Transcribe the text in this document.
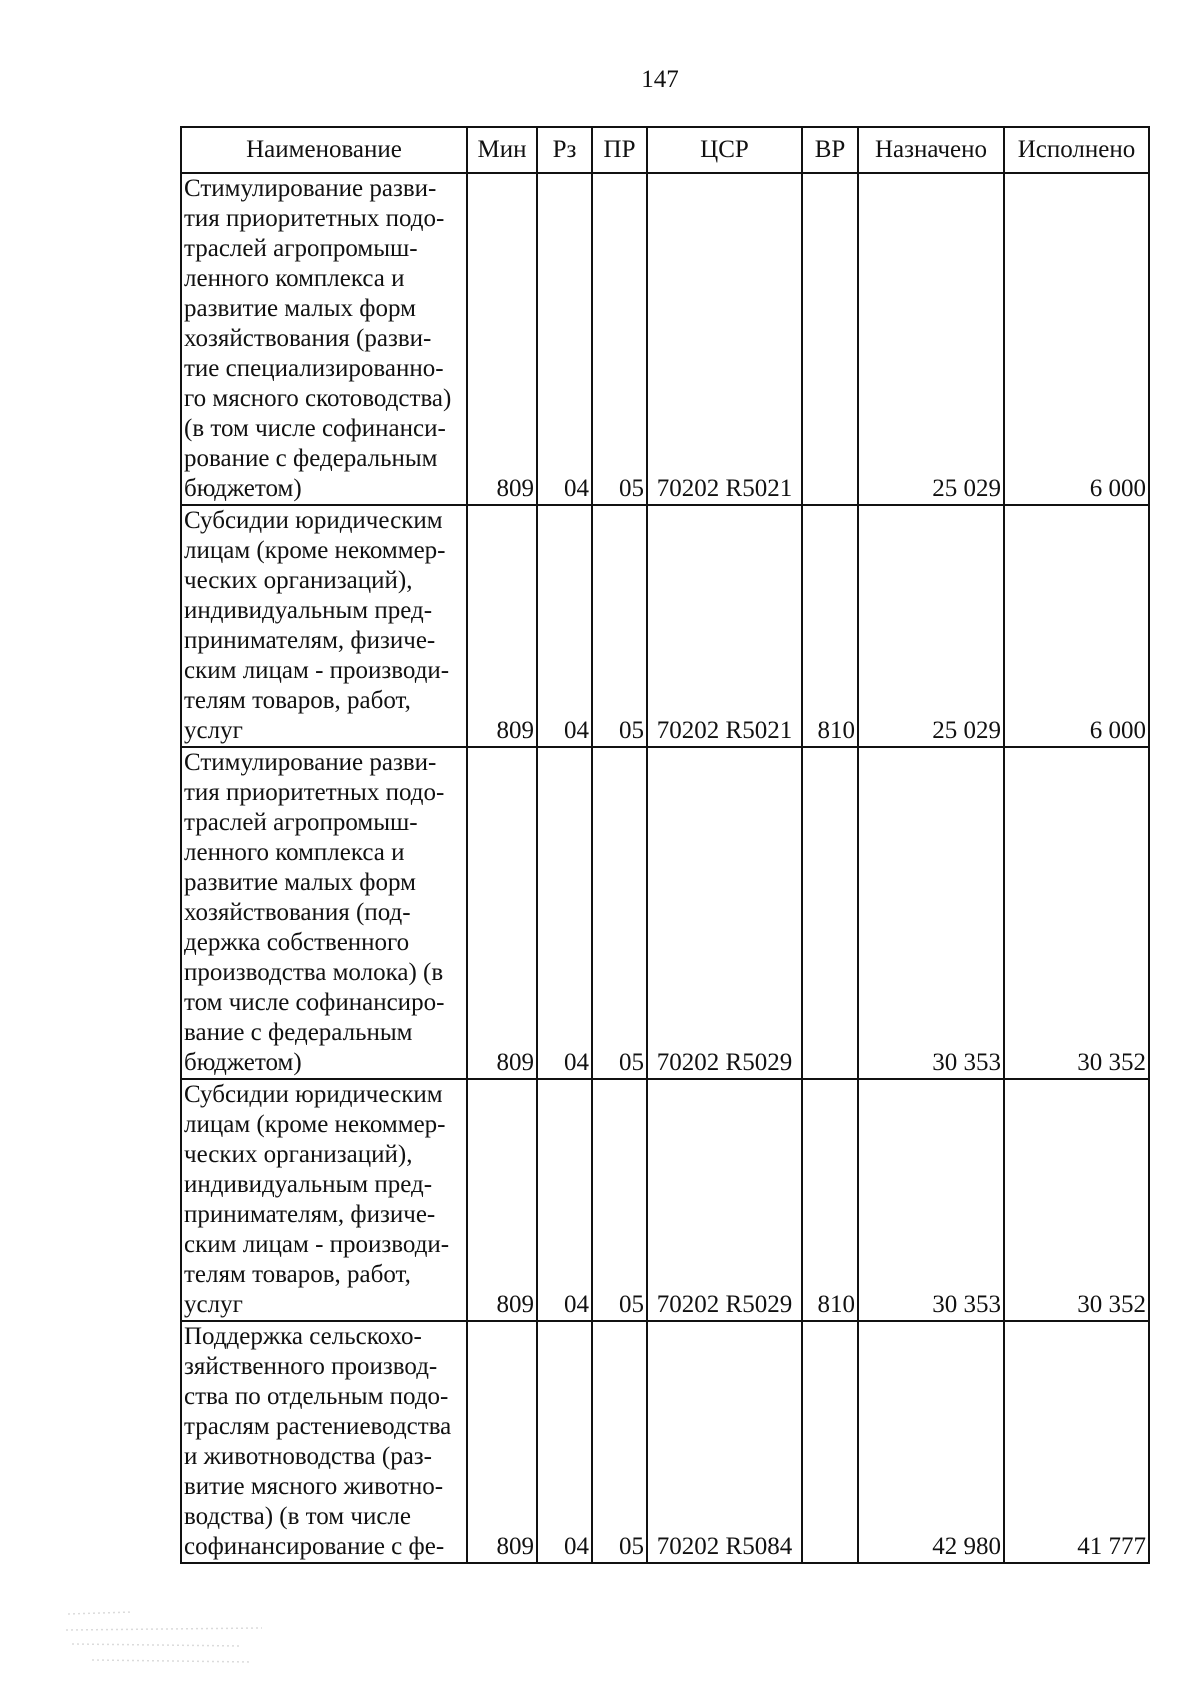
147
Наименование	Мин	Рз	ПР	ЦСР	ВР	Назначено	Исполнено
Стимулирование разви-тия приоритетных подо-траслей агропромыш-ленного комплекса и развитие малых форм хозяйствования (разви-тие специализированно-го мясного скотоводства) (в том числе софинанси-рование с федеральным бюджетом)	809	04	05	70202 R5021		25 029	6 000
Субсидии юридическим лицам (кроме некоммер-ческих организаций), индивидуальным пред-принимателям, физиче-ским лицам - производи-телям товаров, работ, услуг	809	04	05	70202 R5021	810	25 029	6 000
Стимулирование разви-тия приоритетных подо-траслей агропромыш-ленного комплекса и развитие малых форм хозяйствования (под-держка собственного производства молока) (в том числе софинансиро-вание с федеральным бюджетом)	809	04	05	70202 R5029		30 353	30 352
Субсидии юридическим лицам (кроме некоммер-ческих организаций), индивидуальным пред-принимателям, физиче-ским лицам - производи-телям товаров, работ, услуг	809	04	05	70202 R5029	810	30 353	30 352
Поддержка сельскохо-зяйственного производ-ства по отдельным подо-траслям растениеводства и животноводства (раз-витие мясного животно-водства) (в том числе софинансирование с фе-	809	04	05	70202 R5084		42 980	41 777
